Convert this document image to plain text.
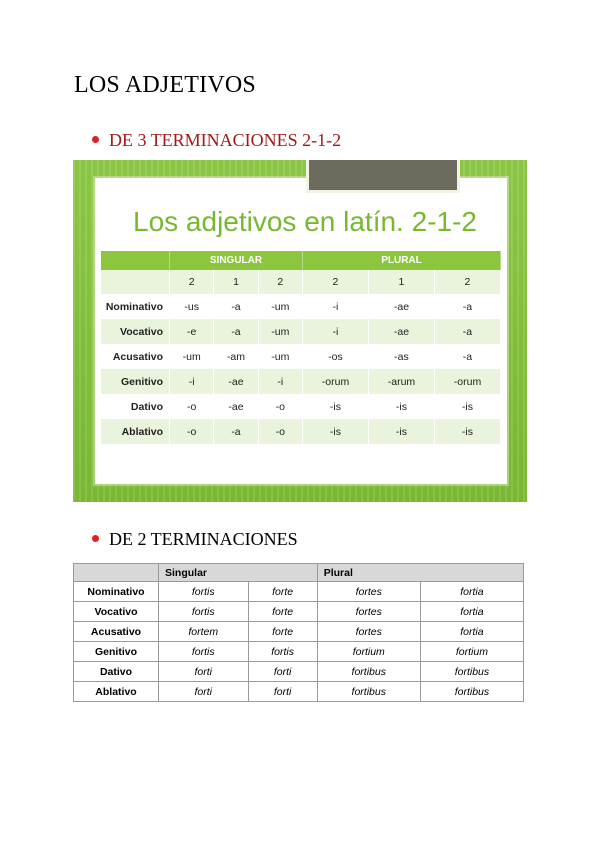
LOS ADJETIVOS
DE 3 TERMINACIONES 2-1-2
Los adjetivos en latín. 2-1-2
	SINGULAR			PLURAL		
	2	1	2	2	1	2
Nominativo	-us	-a	-um	-i	-ae	-a
Vocativo	-e	-a	-um	-i	-ae	-a
Acusativo	-um	-am	-um	-os	-as	-a
Genitivo	-i	-ae	-i	-orum	-arum	-orum
Dativo	-o	-ae	-o	-is	-is	-is
Ablativo	-o	-a	-o	-is	-is	-is
DE 2 TERMINACIONES
	Singular		Plural	
Nominativo	fortis	forte	fortes	fortia
Vocativo	fortis	forte	fortes	fortia
Acusativo	fortem	forte	fortes	fortia
Genitivo	fortis	fortis	fortium	fortium
Dativo	forti	forti	fortibus	fortibus
Ablativo	forti	forti	fortibus	fortibus
